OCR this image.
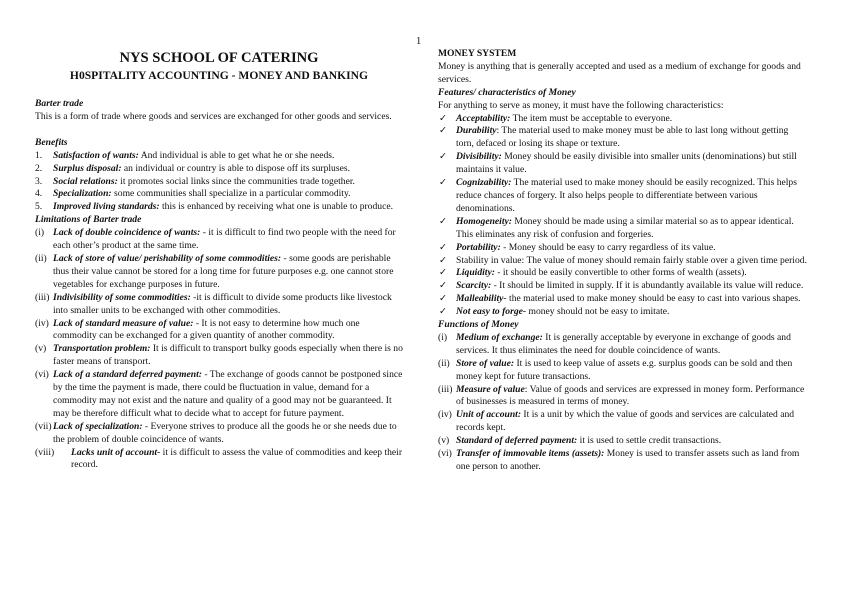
1
NYS SCHOOL OF CATERING
H0SPITALITY ACCOUNTING - MONEY AND BANKING
Barter trade

This is a form of trade where goods and services are exchanged for other goods and services.

Benefits
1. Satisfaction of wants: And individual is able to get what he or she needs.
2. Surplus disposal: an individual or country is able to dispose off its surpluses.
3. Social relations: it promotes social links since the communities trade together.
4. Specialization: some communities shall specialize in a particular commodity.
5. Improved living standards: this is enhanced by receiving what one is unable to produce.
Limitations of Barter trade
(i) Lack of double coincidence of wants: - it is difficult to find two people with the need for each other’s product at the same time.
(ii) Lack of store of value/ perishability of some commodities: - some goods are perishable thus their value cannot be stored for a long time for future purposes e.g. one cannot store vegetables for exchange purposes in future.
(iii) Indivisibility of some commodities: -it is difficult to divide some products like livestock into smaller units to be exchanged with other commodities.
(iv) Lack of standard measure of value: - It is not easy to determine how much one commodity can be exchanged for a given quantity of another commodity.
(v) Transportation problem: It is difficult to transport bulky goods especially when there is no faster means of transport.
(vi) Lack of a standard deferred payment: - The exchange of goods cannot be postponed since by the time the payment is made, there could be fluctuation in value, demand for a commodity may not exist and the nature and quality of a good may not be guaranteed. It may be therefore difficult what to decide what to accept for future payment.
(vii) Lack of specialization: - Everyone strives to produce all the goods he or she needs due to the problem of double coincidence of wants.
(viii) Lacks unit of account- it is difficult to assess the value of commodities and keep their record.
MONEY SYSTEM

Money is anything that is generally accepted and used as a medium of exchange for goods and services.

Features/ characteristics of Money

For anything to serve as money, it must have the following characteristics:

✓ Acceptability: The item must be acceptable to everyone.
✓ Durability: The material used to make money must be able to last long without getting torn, defaced or losing its shape or texture.
✓ Divisibility: Money should be easily divisible into smaller units (denominations) but still maintains it value.
✓ Cognizability: The material used to make money should be easily recognized. This helps reduce chances of forgery. It also helps people to differentiate between various denominations.
✓ Homogeneity: Money should be made using a similar material so as to appear identical. This eliminates any risk of confusion and forgeries.
✓ Portability: - Money should be easy to carry regardless of its value.
✓ Stability in value: The value of money should remain fairly stable over a given time period.
✓ Liquidity: - it should be easily convertible to other forms of wealth (assets).
✓ Scarcity: - It should be limited in supply. If it is abundantly available its value will reduce.
✓ Malleability- the material used to make money should be easy to cast into various shapes.
✓ Not easy to forge- money should not be easy to imitate.
Functions of Money
(i) Medium of exchange: It is generally acceptable by everyone in exchange of goods and services. It thus eliminates the need for double coincidence of wants.
(ii) Store of value: It is used to keep value of assets e.g. surplus goods can be sold and then money kept for future transactions.
(iii) Measure of value: Value of goods and services are expressed in money form. Performance of businesses is measured in terms of money.
(iv) Unit of account: It is a unit by which the value of goods and services are calculated and records kept.
(v) Standard of deferred payment: it is used to settle credit transactions.
(vi) Transfer of immovable items (assets): Money is used to transfer assets such as land from one person to another.
